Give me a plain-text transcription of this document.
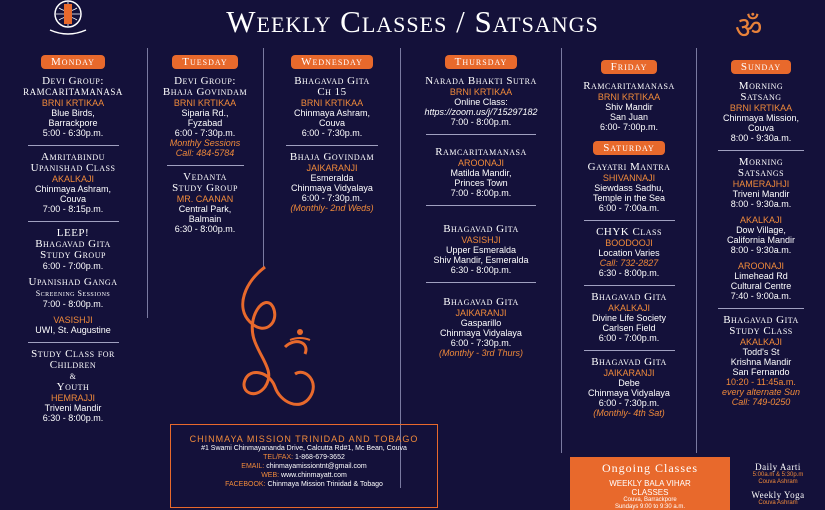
Weekly Classes / Satsangs	ॐ
Monday
Devi Group:
RAMCARITAMANASA
BRNI KRTIKAA
Blue Birds,
Barrackpore
5:00 - 6:30p.m.
Amritabindu
Upanishad Class
AKALKAJI
Chinmaya Ashram,
Couva
7:00 - 8:15p.m.
LEEP!
Bhagavad Gita
Study Group
6:00 - 7:00p.m.
Upanishad Ganga
Screening Sessions
7:00 - 8:00p.m.
VASISHJI
UWI, St. Augustine
Study Class for
Children
&
Youth
HEMRAJJI
Triveni Mandir
6:30 - 8:00p.m.
Tuesday
Devi Group:
Bhaja Govindam
BRNI KRTIKAA
Siparia Rd.,
Fyzabad
6:00 - 7:30p.m.
Monthly Sessions
Call: 484-5784
Vedanta
Study Group
MR. CAANAN
Central Park,
Balmain
6:30 - 8:00p.m.
Wednesday
Bhagavad Gita
Ch 15
BRNI KRTIKAA
Chinmaya Ashram,
Couva
6:00 - 7:30p.m.
Bhaja Govindam
JAIKARANJI
Esmeralda
Chinmaya Vidyalaya
6:00 - 7:30p.m.
(Monthly- 2nd Weds)
Thursday
Narada Bhakti Sutra
BRNI KRTIKAA
Online Class:
https://zoom.us/j/715297182
7:00 - 8:00p.m.
Ramcaritamanasa
AROONAJI
Matilda Mandir,
Princes Town
7:00 - 8:00p.m.
Bhagavad Gita
VASISHJI
Upper Esmeralda
Shiv Mandir, Esmeralda
6:30 - 8:00p.m.
Bhagavad Gita
JAIKARANJI
Gasparillo
Chinmaya Vidyalaya
6:00 - 7:30p.m.
(Monthly - 3rd Thurs)
Friday
Ramcaritamanasa
BRNI KRTIKAA
Shiv Mandir
San Juan
6:00- 7:00p.m.
Saturday
Gayatri Mantra
SHIVANNAJI
Siewdass Sadhu,
Temple in the Sea
6:00 - 7:00a.m.
CHYK Class
BOODOOJI
Location Varies
Call: 732-2827
6:30 - 8:00p.m.
Bhagavad Gita
AKALKAJI
Divine Life Society
Carlsen Field
6:00 - 7:00p.m.
Bhagavad Gita
JAIKARANJI
Debe
Chinmaya Vidyalaya
6:00 - 7:30p.m.
(Monthly- 4th Sat)
Sunday
Morning
Satsang
BRNI KRTIKAA
Chinmaya Mission,
Couva
8:00 - 9:30a.m.
Morning
Satsangs
HAMERAJHJI
Triveni Mandir
8:00 - 9:30a.m.
AKALKAJI
Dow Village,
California Mandir
8:00 - 9:30a.m.
AROONAJI
Limehead Rd
Cultural Centre
7:40 - 9:00a.m.
Bhagavad Gita
Study Class
AKALKAJI
Todd's St
Krishna Mandir
San Fernando
10:20 - 11:45a.m.
every alternate Sun
Call: 749-0250
CHINMAYA MISSION TRINIDAD AND TOBAGO
#1 Swami Chinmayananda Drive, Calcutta Rd#1, Mc Bean, Couva
TEL/FAX: 1-868-679-3652
EMAIL: chinmayamissiontnt@gmail.com
WEB: www.chinmayatt.com
FACEBOOK: Chinmaya Mission Trinidad & Tobago
Ongoing Classes
WEEKLY BALA VIHAR
CLASSES
Couva, Barrackpore
Sundays 9:00 to 9:30 a.m.
Daily Aarti
5:00a.m & 5:30p.m
Couva Ashram
Weekly Yoga
Couva Ashram
